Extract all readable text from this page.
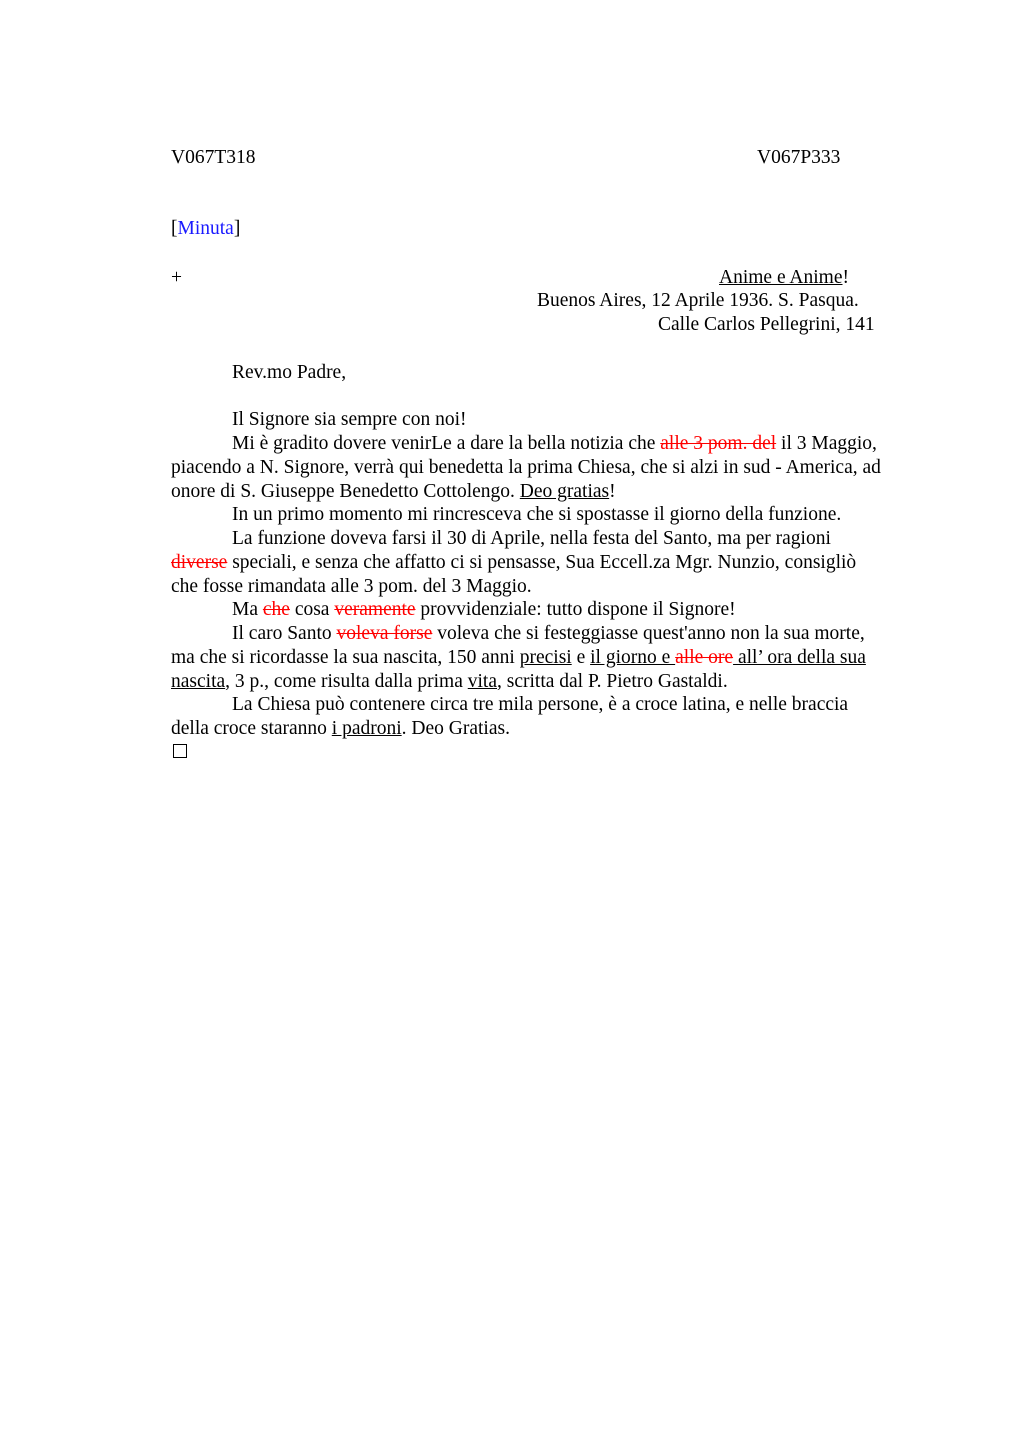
V067T318	V067P333
[Minuta]
+	Anime e Anime!
Buenos Aires, 12 Aprile 1936. S. Pasqua.
Calle Carlos Pellegrini, 141
Rev.mo Padre,
Il Signore sia sempre con noi!
Mi è gradito dovere venirLe a dare la bella notizia che alle 3 pom. del il 3 Maggio,
piacendo a N. Signore, verrà qui benedetta la prima Chiesa, che si alzi in sud - America, ad
onore di S. Giuseppe Benedetto Cottolengo. Deo gratias!
In un primo momento mi rincresceva che si spostasse il giorno della funzione.
La funzione doveva farsi il 30 di Aprile, nella festa del Santo, ma per ragioni
diverse speciali, e senza che affatto ci si pensasse, Sua Eccell.za Mgr. Nunzio, consigliò
che fosse rimandata alle 3 pom. del 3 Maggio.
Ma che cosa veramente provvidenziale: tutto dispone il Signore!
Il caro Santo voleva forse voleva che si festeggiasse quest'anno non la sua morte,
ma che si ricordasse la sua nascita, 150 anni precisi e il giorno e alle ore all’ ora della sua
nascita, 3 p., come risulta dalla prima vita, scritta dal P. Pietro Gastaldi.
La Chiesa può contenere circa tre mila persone, è a croce latina, e nelle braccia
della croce staranno i padroni. Deo Gratias.
